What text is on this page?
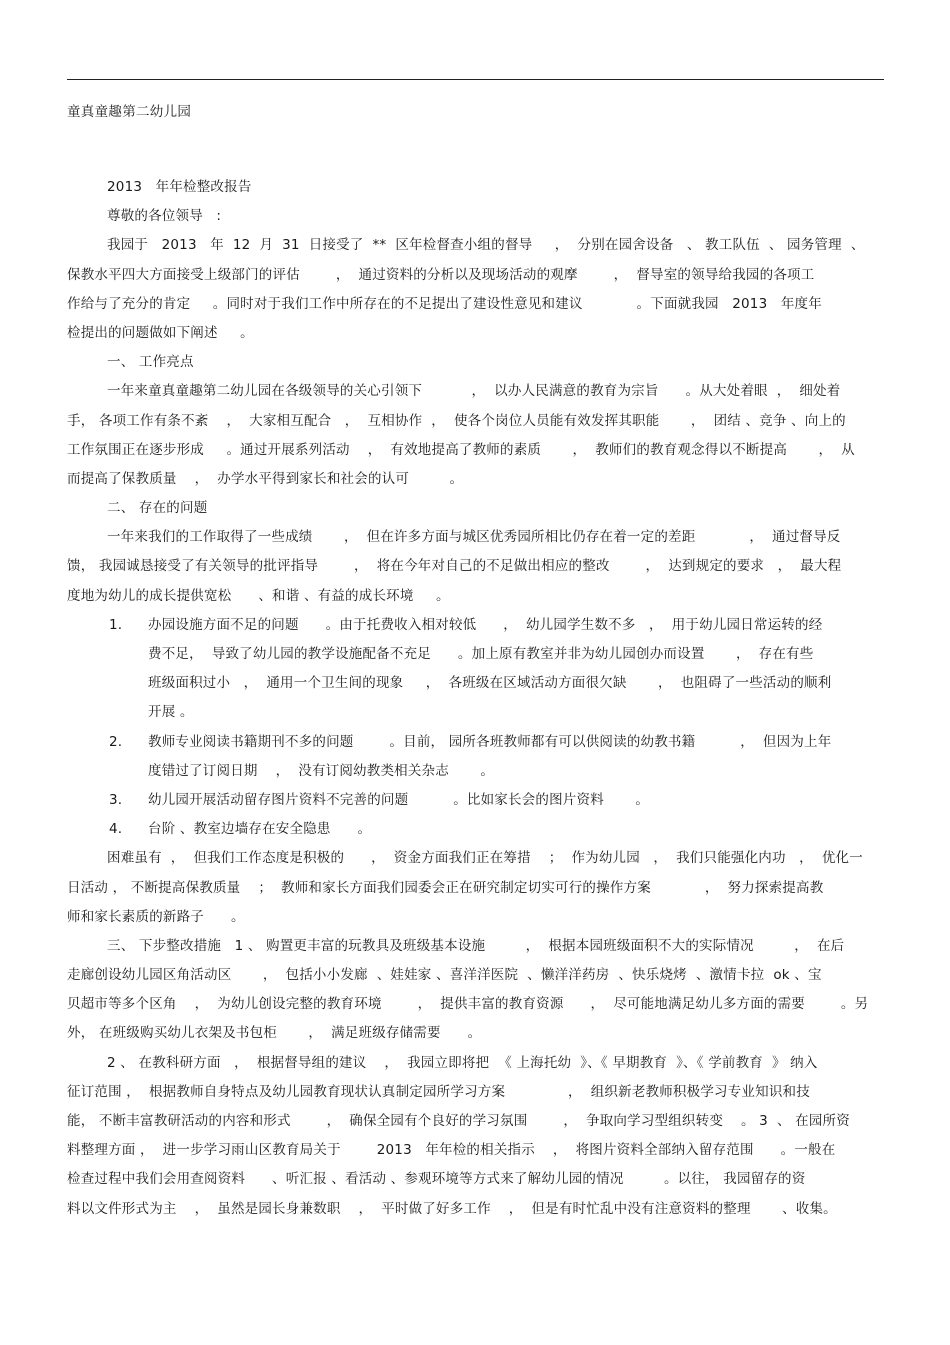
童真童趣第二幼儿园
2013   年年检整改报告
尊敬的各位领导   :
我园于   2013   年  12  月  31  日接受了  **  区年检督查小组的督导     ，  分别在园舍设备   、 教工队伍  、 园务管理  、
保教水平四大方面接受上级部门的评估        ，  通过资料的分析以及现场活动的观摩        ，  督导室的领导给我园的各项工
作给与了充分的肯定     。同时对于我们工作中所存在的不足提出了建设性意见和建议            。下面就我园   2013   年度年
检提出的问题做如下阐述     。
一、 工作亮点
一年来童真童趣第二幼儿园在各级领导的关心引领下           ，  以办人民满意的教育为宗旨      。从大处着眼  ，  细处着
手， 各项工作有条不紊    ，  大家相互配合   ，  互相协作  ，  使各个岗位人员能有效发挥其职能       ，  团结 、竞争 、向上的
工作氛围正在逐步形成     。通过开展系列活动    ，  有效地提高了教师的素质       ，  教师们的教育观念得以不断提高       ，  从
而提高了保教质量    ，  办学水平得到家长和社会的认可         。
二、 存在的问题
一年来我们的工作取得了一些成绩       ，  但在许多方面与城区优秀园所相比仍存在着一定的差距            ，  通过督导反
馈， 我园诚恳接受了有关领导的批评指导        ，  将在今年对自己的不足做出相应的整改        ，  达到规定的要求   ，  最大程
度地为幼儿的成长提供宽松      、和谐 、有益的成长环境     。
1. 办园设施方面不足的问题      。由于托费收入相对较低      ，  幼儿园学生数不多   ，  用于幼儿园日常运转的经
费不足，  导致了幼儿园的教学设施配备不充足      。加上原有教室并非为幼儿园创办而设置       ，  存在有些
班级面积过小   ，  通用一个卫生间的现象     ，  各班级在区域活动方面很欠缺       ，  也阻碍了一些活动的顺利
开展 。
2. 教师专业阅读书籍期刊不多的问题        。目前， 园所各班教师都有可以供阅读的幼教书籍          ，  但因为上年
度错过了订阅日期    ，  没有订阅幼教类相关杂志       。
3. 幼儿园开展活动留存图片资料不完善的问题          。比如家长会的图片资料       。
4. 台阶 、教室边墙存在安全隐患      。
困难虽有  ，  但我们工作态度是积极的      ，  资金方面我们正在筹措    ；  作为幼儿园   ，  我们只能强化内功   ，  优化一
日活动 ， 不断提高保教质量    ；  教师和家长方面我们园委会正在研究制定切实可行的操作方案            ，  努力探索提高教
师和家长素质的新路子      。
三、 下步整改措施   1 、 购置更丰富的玩教具及班级基本设施         ，  根据本园班级面积不大的实际情况         ，  在后
走廊创设幼儿园区角活动区       ，  包括小小发廊  、娃娃家 、喜洋洋医院  、懒洋洋药房  、快乐烧烤  、激情卡拉  ok 、宝
贝超市等多个区角    ，  为幼儿创设完整的教育环境        ，  提供丰富的教育资源      ，  尽可能地满足幼儿多方面的需要        。另
外， 在班级购买幼儿衣架及书包柜       ，  满足班级存储需要      。
2 、 在教科研方面   ，  根据督导组的建议    ，  我园立即将把  《 上海托幼  》、《 早期教育  》、《 学前教育  》 纳入
征订范围 ，  根据教师自身特点及幼儿园教育现状认真制定园所学习方案              ，  组织新老教师积极学习专业知识和技
能， 不断丰富教研活动的内容和形式        ，  确保全园有个良好的学习氛围        ，  争取向学习型组织转变    。 3  、 在园所资
料整理方面 ，  进一步学习雨山区教育局关于        2013   年年检的相关指示    ，  将图片资料全部纳入留存范围      。一般在
检查过程中我们会用查阅资料      、听汇报 、看活动 、参观环境等方式来了解幼儿园的情况         。以往， 我园留存的资
料以文件形式为主    ，  虽然是园长身兼数职    ，  平时做了好多工作    ，  但是有时忙乱中没有注意资料的整理       、收集。
